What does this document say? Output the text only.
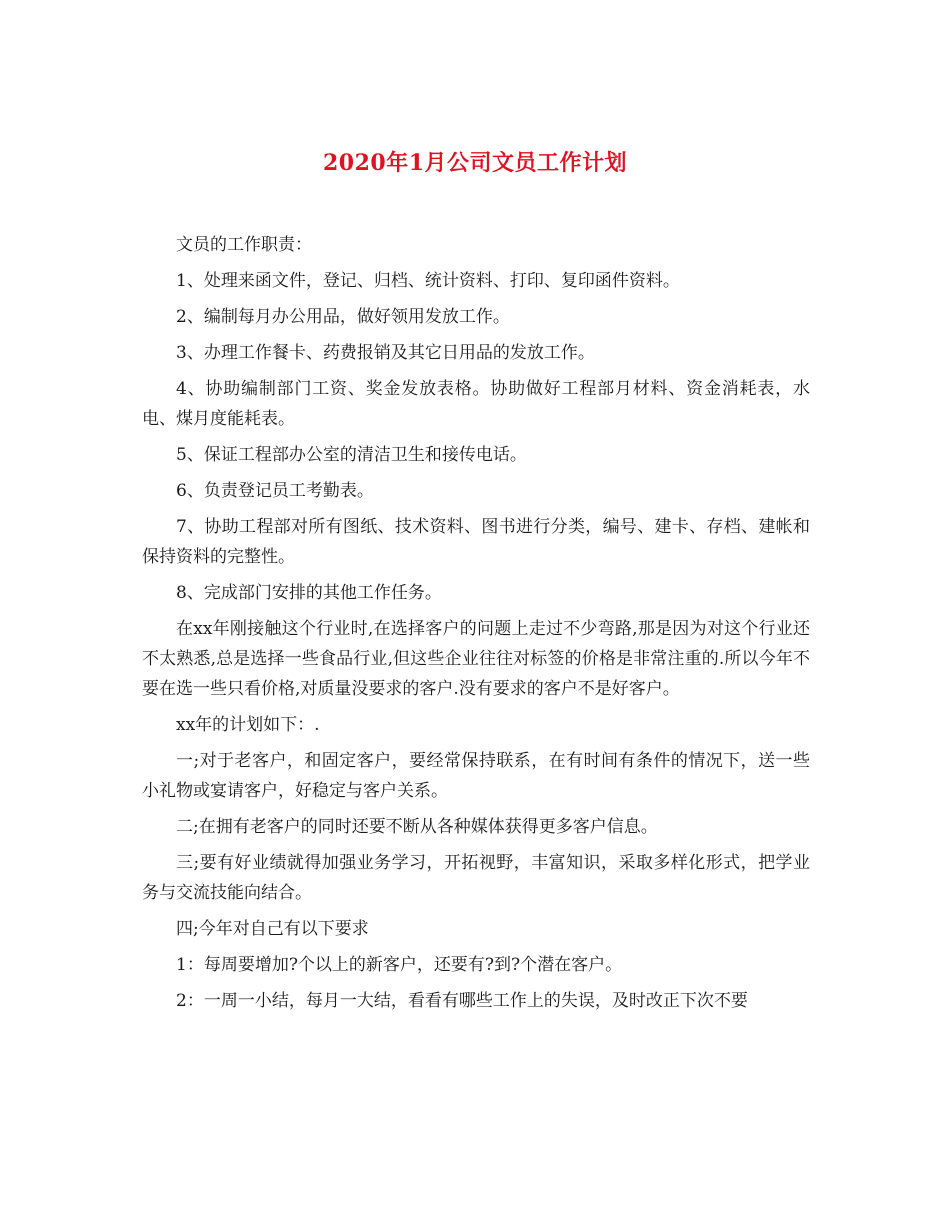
2020年1月公司文员工作计划

文员的工作职责：

1、处理来函文件，登记、归档、统计资料、打印、复印函件资料。

2、编制每月办公用品，做好领用发放工作。

3、办理工作餐卡、药费报销及其它日用品的发放工作。

4、协助编制部门工资、奖金发放表格。协助做好工程部月材料、资金消耗表，水电、煤月度能耗表。

5、保证工程部办公室的清洁卫生和接传电话。

6、负责登记员工考勤表。

7、协助工程部对所有图纸、技术资料、图书进行分类，编号、建卡、存档、建帐和保持资料的完整性。

8、完成部门安排的其他工作任务。

在xx年刚接触这个行业时,在选择客户的问题上走过不少弯路,那是因为对这个行业还不太熟悉,总是选择一些食品行业,但这些企业往往对标签的价格是非常注重的.所以今年不要在选一些只看价格,对质量没要求的客户.没有要求的客户不是好客户。

xx年的计划如下：.

一;对于老客户，和固定客户，要经常保持联系，在有时间有条件的情况下，送一些小礼物或宴请客户，好稳定与客户关系。

二;在拥有老客户的同时还要不断从各种媒体获得更多客户信息。

三;要有好业绩就得加强业务学习，开拓视野，丰富知识，采取多样化形式，把学业务与交流技能向结合。

四;今年对自己有以下要求

1：每周要增加?个以上的新客户，还要有?到?个潜在客户。

2：一周一小结，每月一大结，看看有哪些工作上的失误，及时改正下次不要
